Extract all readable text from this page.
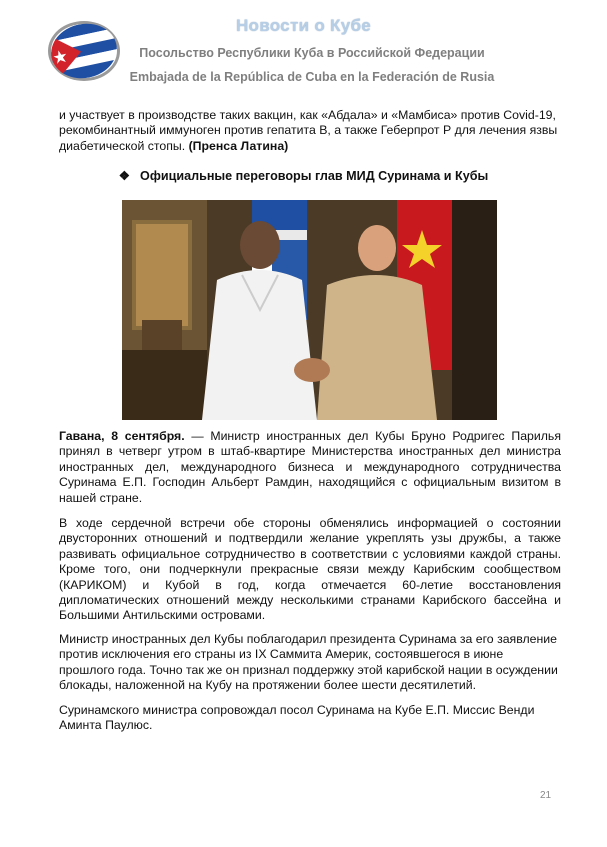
Новости о Кубе
Посольство Республики Куба в Российской Федерации
Embajada de la República de Cuba en la Federación de Rusia
и участвует в производстве таких вакцин, как «Абдала» и «Мамбиса» против Covid-19, рекомбинантный иммуноген против гепатита В, а также Геберпрот Р для лечения язвы диабетической стопы. (Пренса Латина)
❖ Официальные переговоры глав МИД Суринама и Кубы
Гавана, 8 сентября. — Министр иностранных дел Кубы Бруно Родригес Парилья принял в четверг утром в штаб-квартире Министерства иностранных дел министра иностранных дел, международного бизнеса и международного сотрудничества Суринама Е.П. Господин Альберт Рамдин, находящийся с официальным визитом в нашей стране.
В ходе сердечной встречи обе стороны обменялись информацией о состоянии двусторонних отношений и подтвердили желание укреплять узы дружбы, а также развивать официальное сотрудничество в соответствии с условиями каждой страны. Кроме того, они подчеркнули прекрасные связи между Карибским сообществом (КАРИКОМ) и Кубой в год, когда отмечается 60-летие восстановления дипломатических отношений между несколькими странами Карибского бассейна и Большими Антильскими островами.
Министр иностранных дел Кубы поблагодарил президента Суринама за его заявление против исключения его страны из IX Саммита Америк, состоявшегося в июне прошлого года. Точно так же он признал поддержку этой карибской нации в осуждении блокады, наложенной на Кубу на протяжении более шести десятилетий.
Суринамского министра сопровождал посол Суринама на Кубе Е.П. Миссис Венди Аминта Паулюс.
21
